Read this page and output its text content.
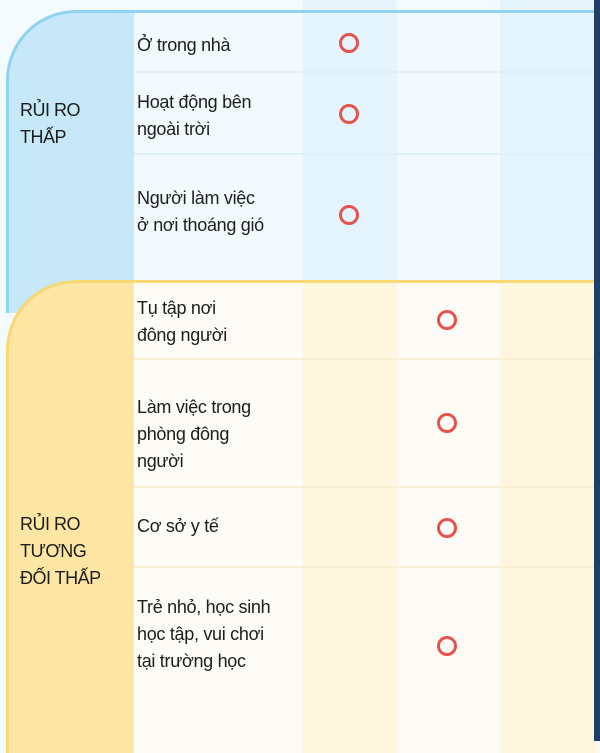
RỦI RO
THẤP
Ở trong nhà
Hoạt động bên
ngoài trời
Người làm việc
ở nơi thoáng gió
RỦI RO
TƯƠNG
ĐỐI THẤP
Tụ tập nơi
đông người
Làm việc trong
phòng đông
người
Cơ sở y tế
Trẻ nhỏ, học sinh
học tập, vui chơi
tại trường học
